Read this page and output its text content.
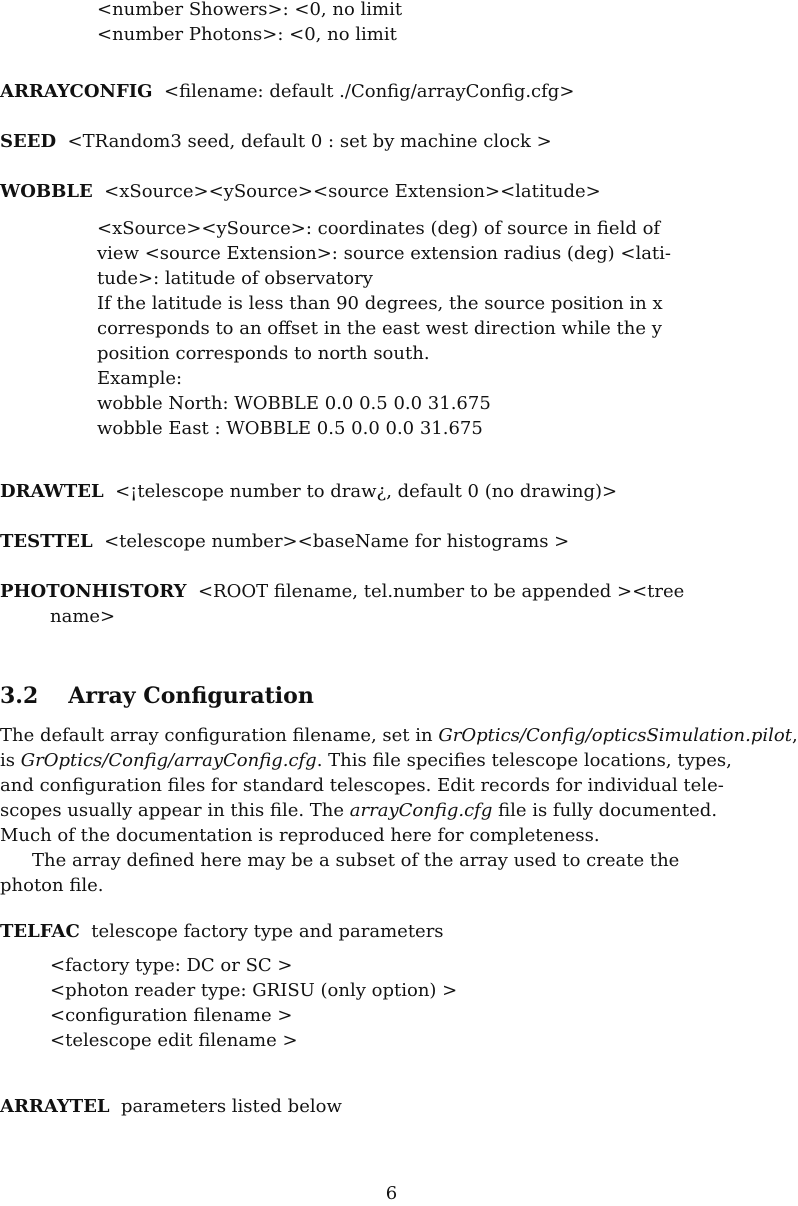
<number Showers>: <0, no limit
<number Photons>: <0, no limit
ARRAYCONFIG <filename: default ./Config/arrayConfig.cfg>
SEED <TRandom3 seed, default 0 : set by machine clock >
WOBBLE <xSource><ySource><source Extension><latitude>
<xSource><ySource>: coordinates (deg) of source in field of
view <source Extension>: source extension radius (deg) <lati-
tude>: latitude of observatory
If the latitude is less than 90 degrees, the source position in x
corresponds to an offset in the east west direction while the y
position corresponds to north south.
Example:
wobble North: WOBBLE 0.0 0.5 0.0 31.675
wobble East : WOBBLE 0.5 0.0 0.0 31.675
DRAWTEL <¡telescope number to draw¿, default 0 (no drawing)>
TESTTEL <telescope number><baseName for histograms >
PHOTONHISTORY <ROOT filename, tel.number to be appended ><tree
name>
3.2 Array Configuration
The default array configuration filename, set in GrOptics/Config/opticsSimulation.pilot,
is GrOptics/Config/arrayConfig.cfg. This file specifies telescope locations, types,
and configuration files for standard telescopes. Edit records for individual tele-
scopes usually appear in this file. The arrayConfig.cfg file is fully documented.
Much of the documentation is reproduced here for completeness.
The array defined here may be a subset of the array used to create the
photon file.
TELFAC telescope factory type and parameters
<factory type: DC or SC >
<photon reader type: GRISU (only option) >
<configuration filename >
<telescope edit filename >
ARRAYTEL parameters listed below
6
